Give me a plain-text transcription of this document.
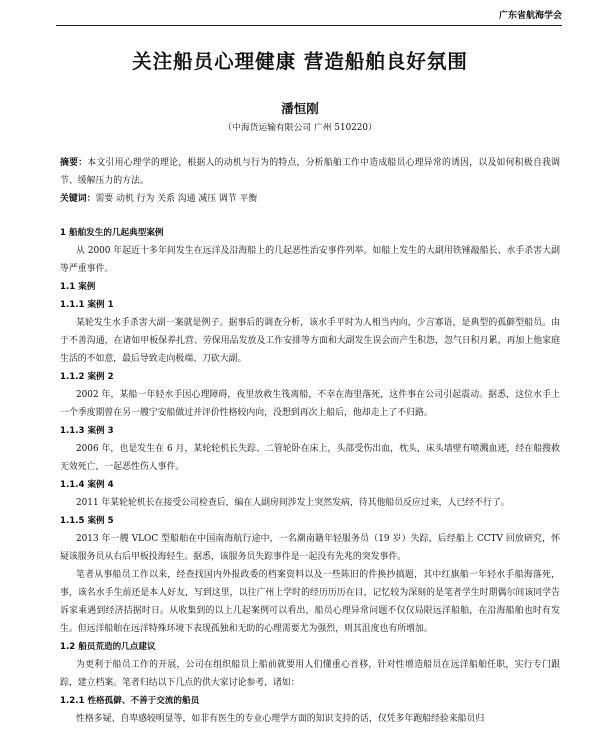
广东省航海学会
关注船员心理健康 营造船舶良好氛围
潘恒刚
（中海货运输有限公司 广州 510220）

摘要：本文引用心理学的理论，根据人的动机与行为的特点，分析船舶工作中造成船员心理异常的诱因，以及如何积极自我调节、缓解压力的方法。

关键词：需要 动机 行为 关系 沟通 减压 调节 平衡

1 船舶发生的几起典型案例

从 2000 年起近十多年间发生在远洋及沿海船上的几起恶性治安事件列举。如船上发生的大副用铁锤敲船长、水手杀害大副等严重事件。

1.1 案例
1.1.1 案例 1

某轮发生水手杀害大副一案就是例子。据事后的调查分析，该水手平时为人相当内向，少言寡语，是典型的孤僻型船员。由于不善沟通，在诸如甲板保养扎营、劳保用品发放及工作安排等方面和大副发生误会而产生积怨，忽气日积月累，再加上他家庭生活的不如意，最后导致走向极端、刀砍大副。

1.1.2 案例 2

2002 年，某船一年轻水手因心理障碍，夜里放救生筏离船，不幸在海里落死，这件事在公司引起震动。据悉，这位水手上一个季度期曾在另一艘宁安船做过并评价性格较内向，没想到再次上船后，他却走上了不归路。

1.1.3 案例 3

2006 年，也是发生在 6 月，某轮轮机长失踪、二管轮卧在床上，头部受伤出血，枕头，床头墙壁有喷溅血迹，经在船搜救无效死亡，一起恶性伤人事件。

1.1.4 案例 4

2011 年某轮轮机长在接受公司检查后，编在人副房间涉发上突然发病，待其他船员反应过来，人已经不行了。

1.1.5 案例 5

2013 年一艘 VLOC 型船舶在中国南海航行途中，一名潮南籍年轻服务员（19 岁）失踪，后经船上 CCTV 回放研究，怀疑该服务员从右后甲板投海轻生。据悉，该服务员失踪事件是一起没有先兆的突发事件。

笔者从事船员工作以来，经查找国内外报政委的档案资料以及一些陈旧的件换抄搞题，其中红旗船一年轻水手船海落死，事，该名水手生前还是本人好友，写到这里，以往广州上学时的经历历历在目，记忆较为深刻的是笔者学生时期偶尔间该同学告诉家乘遇到经济拮据时日。从收集到的以上几起案例可以看出，船员心理异常问题不仅仅局限远洋船舶，在沿海船舶也时有发生。但远洋船舶在远洋特殊环境下表现孤独和无助的心理需要尤为强烈，则其沮度也有所增加。

1.2 船员荒造的几点建议

为更利于船员工作的开展，公司在组织船员上船前就要用人们懂重心首移，针对性增造船员在远洋船舶任职，实行专门跟踪，建立档案。笔者归结以下几点的供大家讨论参考，诸如：

1.2.1 性格孤僻、不善于交流的船员

性格多疑、自卑感较明显等，如非有医生的专业心理学方面的知识支持的话，仅凭多年跑船经验来船员归
